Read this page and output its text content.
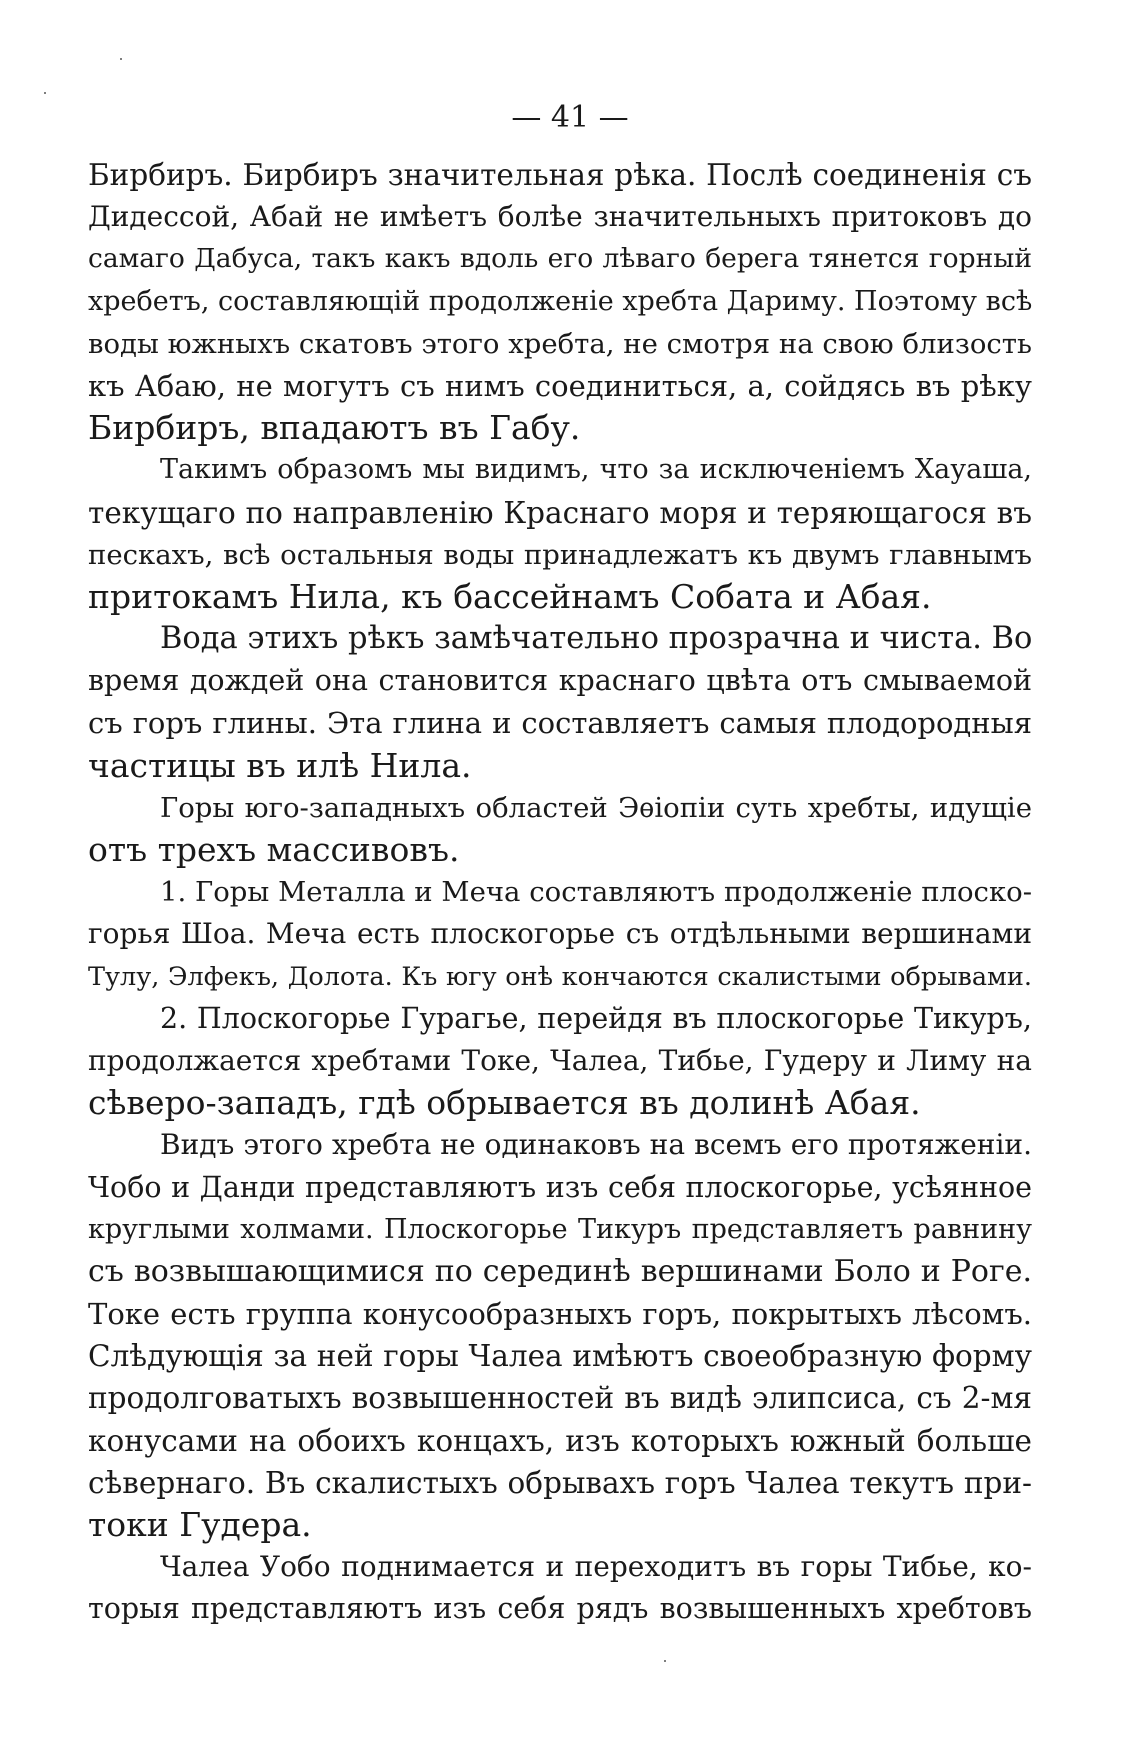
— 41 —
Бирбиръ. Бирбиръ значительная рѣка. Послѣ соединенія съ
Дидессой, Абай не имѣетъ болѣе значительныхъ притоковъ до
самаго Дабуса, такъ какъ вдоль его лѣваго берега тянется горный
хребетъ, составляющій продолженіе хребта Дариму. Поэтому всѣ
воды южныхъ скатовъ этого хребта, не смотря на свою близость
къ Абаю, не могутъ съ нимъ соединиться, а, сойдясь въ рѣку
Бирбиръ, впадаютъ въ Габу.
Такимъ образомъ мы видимъ, что за исключеніемъ Хауаша,
текущаго по направленію Краснаго моря и теряющагося въ
пескахъ, всѣ остальныя воды принадлежатъ къ двумъ главнымъ
притокамъ Нила, къ бассейнамъ Собата и Абая.
Вода этихъ рѣкъ замѣчательно прозрачна и чиста. Во
время дождей она становится краснаго цвѣта отъ смываемой
съ горъ глины. Эта глина и составляетъ самыя плодородныя
частицы въ илѣ Нила.
Горы юго-западныхъ областей Эѳіопіи суть хребты, идущіе
отъ трехъ массивовъ.
1. Горы Металла и Меча составляютъ продолженіе плоско-
горья Шоа. Меча есть плоскогорье съ отдѣльными вершинами
Тулу, Элфекъ, Долота. Къ югу онѣ кончаются скалистыми обрывами.
2. Плоскогорье Гурагье, перейдя въ плоскогорье Тикуръ,
продолжается хребтами Токе, Чалеа, Тибье, Гудеру и Лиму на
сѣверо-западъ, гдѣ обрывается въ долинѣ Абая.
Видъ этого хребта не одинаковъ на всемъ его протяженіи.
Чобо и Данди представляютъ изъ себя плоскогорье, усѣянное
круглыми холмами. Плоскогорье Тикуръ представляетъ равнину
съ возвышающимися по серединѣ вершинами Боло и Роге.
Токе есть группа конусообразныхъ горъ, покрытыхъ лѣсомъ.
Слѣдующія за ней горы Чалеа имѣютъ своеобразную форму
продолговатыхъ возвышенностей въ видѣ элипсиса, съ 2-мя
конусами на обоихъ концахъ, изъ которыхъ южный больше
сѣвернаго. Въ скалистыхъ обрывахъ горъ Чалеа текутъ при-
токи Гудера.
Чалеа Уобо поднимается и переходитъ въ горы Тибье, ко-
торыя представляютъ изъ себя рядъ возвышенныхъ хребтовъ
